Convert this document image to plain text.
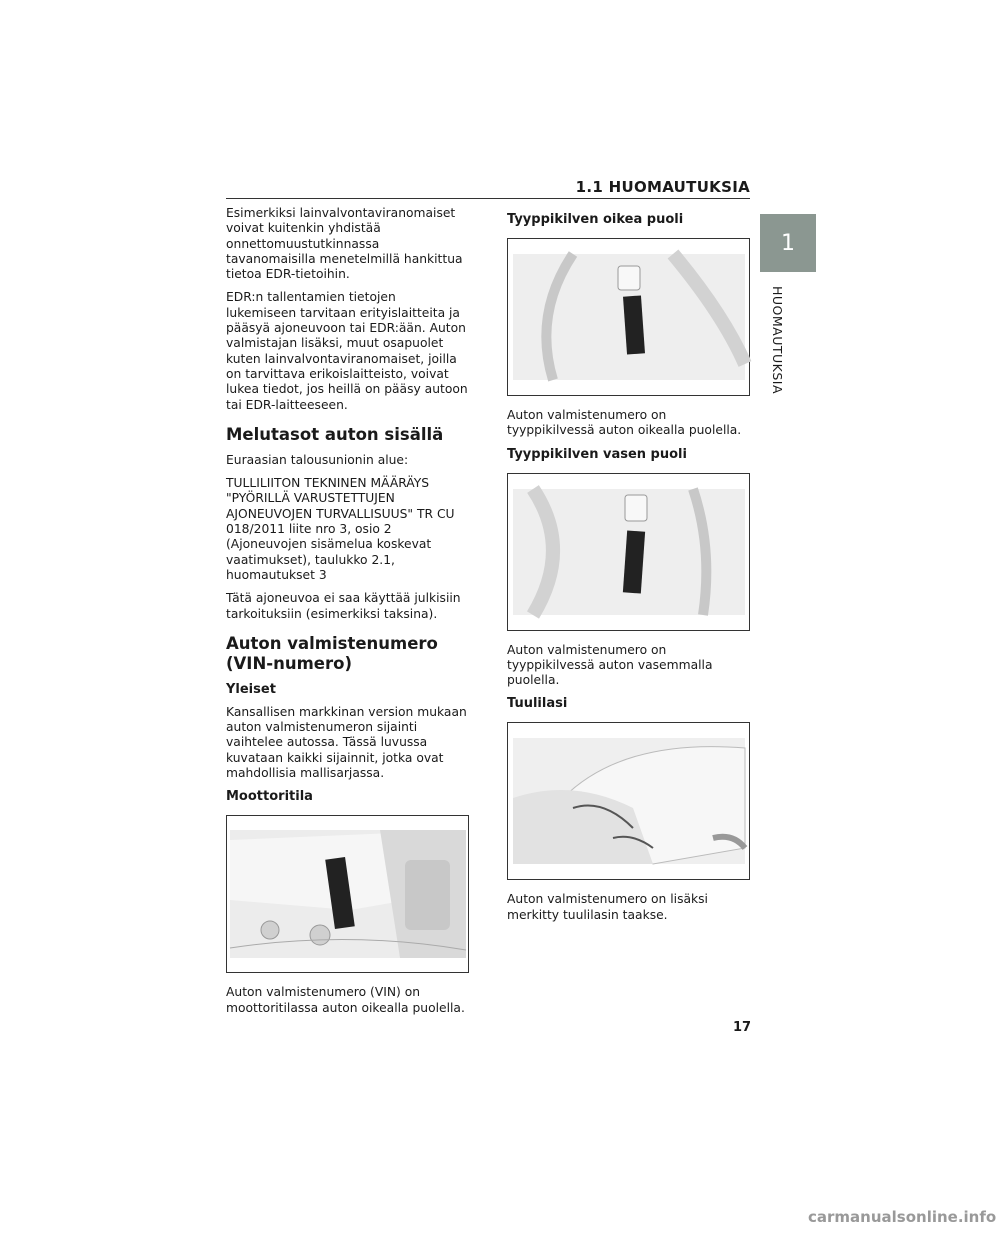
1.1 HUOMAUTUKSIA
1
HUOMAUTUKSIA

Esimerkiksi lainvalvontaviranomaiset voivat kuitenkin yhdistää onnettomuustutkinnassa tavanomaisilla menetelmillä hankittua tietoa EDR-tietoihin.

EDR:n tallentamien tietojen lukemiseen tarvitaan erityislaitteita ja pääsyä ajoneuvoon tai EDR:ään. Auton valmistajan lisäksi, muut osapuolet kuten lainvalvontaviranomaiset, joilla on tarvittava erikoislaitteisto, voivat lukea tiedot, jos heillä on pääsy autoon tai EDR-laitteeseen.

Melutasot auton sisällä

Euraasian talousunionin alue:

TULLILIITON TEKNINEN MÄÄRÄYS "PYÖRILLÄ VARUSTETTUJEN AJONEUVOJEN TURVALLISUUS" TR CU 018/2011 liite nro 3, osio 2 (Ajoneuvojen sisämelua koskevat vaatimukset), taulukko 2.1, huomautukset 3

Tätä ajoneuvoa ei saa käyttää julkisiin tarkoituksiin (esimerkiksi taksina).

Auton valmistenumero (VIN-numero)
Yleiset

Kansallisen markkinan version mukaan auton valmistenumeron sijainti vaihtelee autossa. Tässä luvussa kuvataan kaikki sijainnit, jotka ovat mahdollisia mallisarjassa.

Moottoritila

Auton valmistenumero (VIN) on moottoritilassa auton oikealla puolella.

Tyyppikilven oikea puoli

Auton valmistenumero on tyyppikilvessä auton oikealla puolella.

Tyyppikilven vasen puoli

Auton valmistenumero on tyyppikilvessä auton vasemmalla puolella.

Tuulilasi

Auton valmistenumero on lisäksi merkitty tuulilasin taakse.

17
carmanualsonline.info
